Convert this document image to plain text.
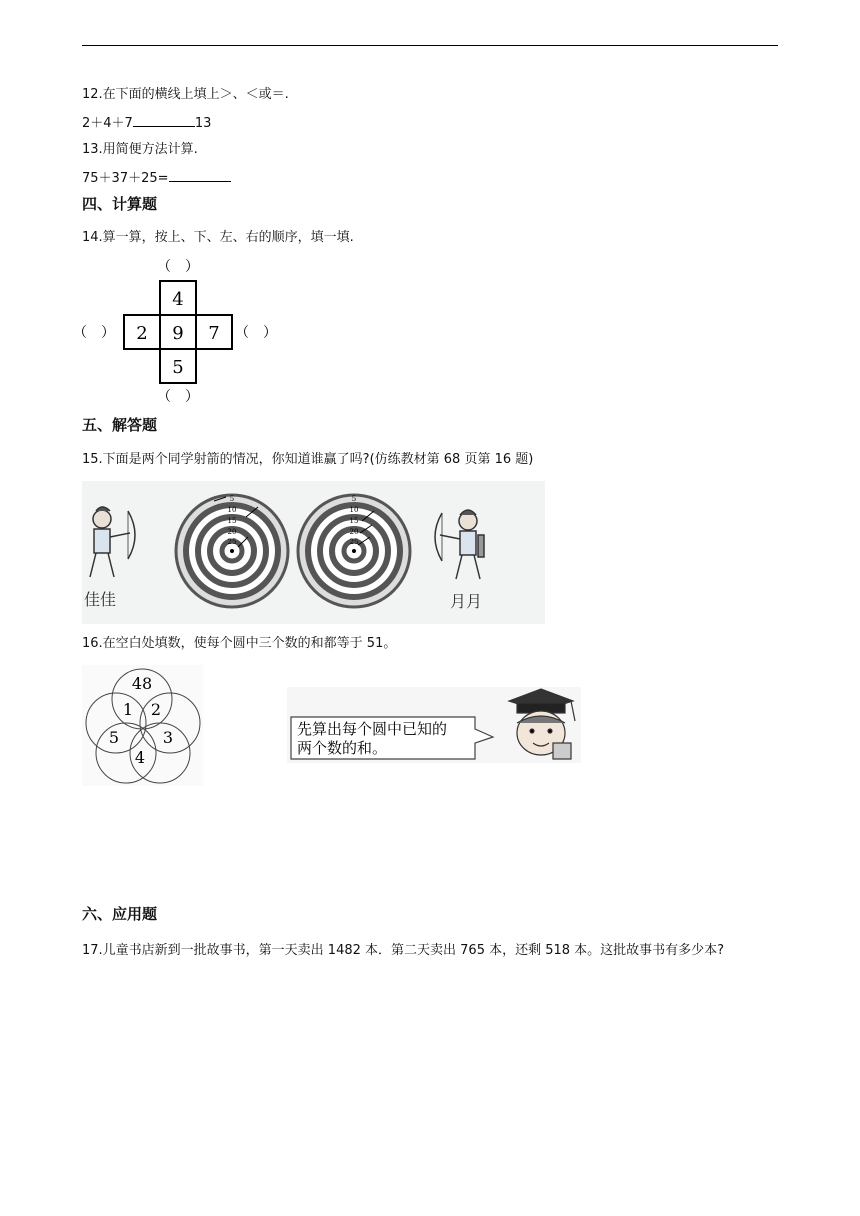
12.在下面的横线上填上＞、＜或＝.
2＋4＋7	13
13.用简便方法计算.
75＋37＋25=
四、计算题
14.算一算，按上、下、左、右的顺序，填一填.
（　）
4
2 9 7
5
（　）	（　）
（　）
五、解答题
15.下面是两个同学射箭的情况，你知道谁赢了吗?(仿练教材第 68 页第 16 题)
佳佳
5
10
15
20
25
5
10
15
20
25
月月
16.在空白处填数，使每个圆中三个数的和都等于 51。
48
1 2
5	3
4
先算出每个圆中已知的
两个数的和。
六、应用题
17.儿童书店新到一批故事书，第一天卖出 1482 本．第二天卖出 765 本，还剩 518 本。这批故事书有多少本?
